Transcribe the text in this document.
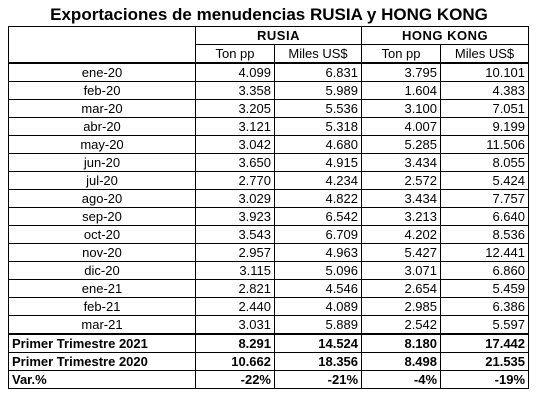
Exportaciones de menudencias RUSIA y HONG KONG
	RUSIA		HONG KONG	
	Ton pp	Miles US$	Ton pp	Miles US$
ene-20	4.099	6.831	3.795	10.101
feb-20	3.358	5.989	1.604	4.383
mar-20	3.205	5.536	3.100	7.051
abr-20	3.121	5.318	4.007	9.199
may-20	3.042	4.680	5.285	11.506
jun-20	3.650	4.915	3.434	8.055
jul-20	2.770	4.234	2.572	5.424
ago-20	3.029	4.822	3.434	7.757
sep-20	3.923	6.542	3.213	6.640
oct-20	3.543	6.709	4.202	8.536
nov-20	2.957	4.963	5.427	12.441
dic-20	3.115	5.096	3.071	6.860
ene-21	2.821	4.546	2.654	5.459
feb-21	2.440	4.089	2.985	6.386
mar-21	3.031	5.889	2.542	5.597
Primer Trimestre 2021	8.291	14.524	8.180	17.442
Primer Trimestre 2020	10.662	18.356	8.498	21.535
Var.%	-22%	-21%	-4%	-19%
